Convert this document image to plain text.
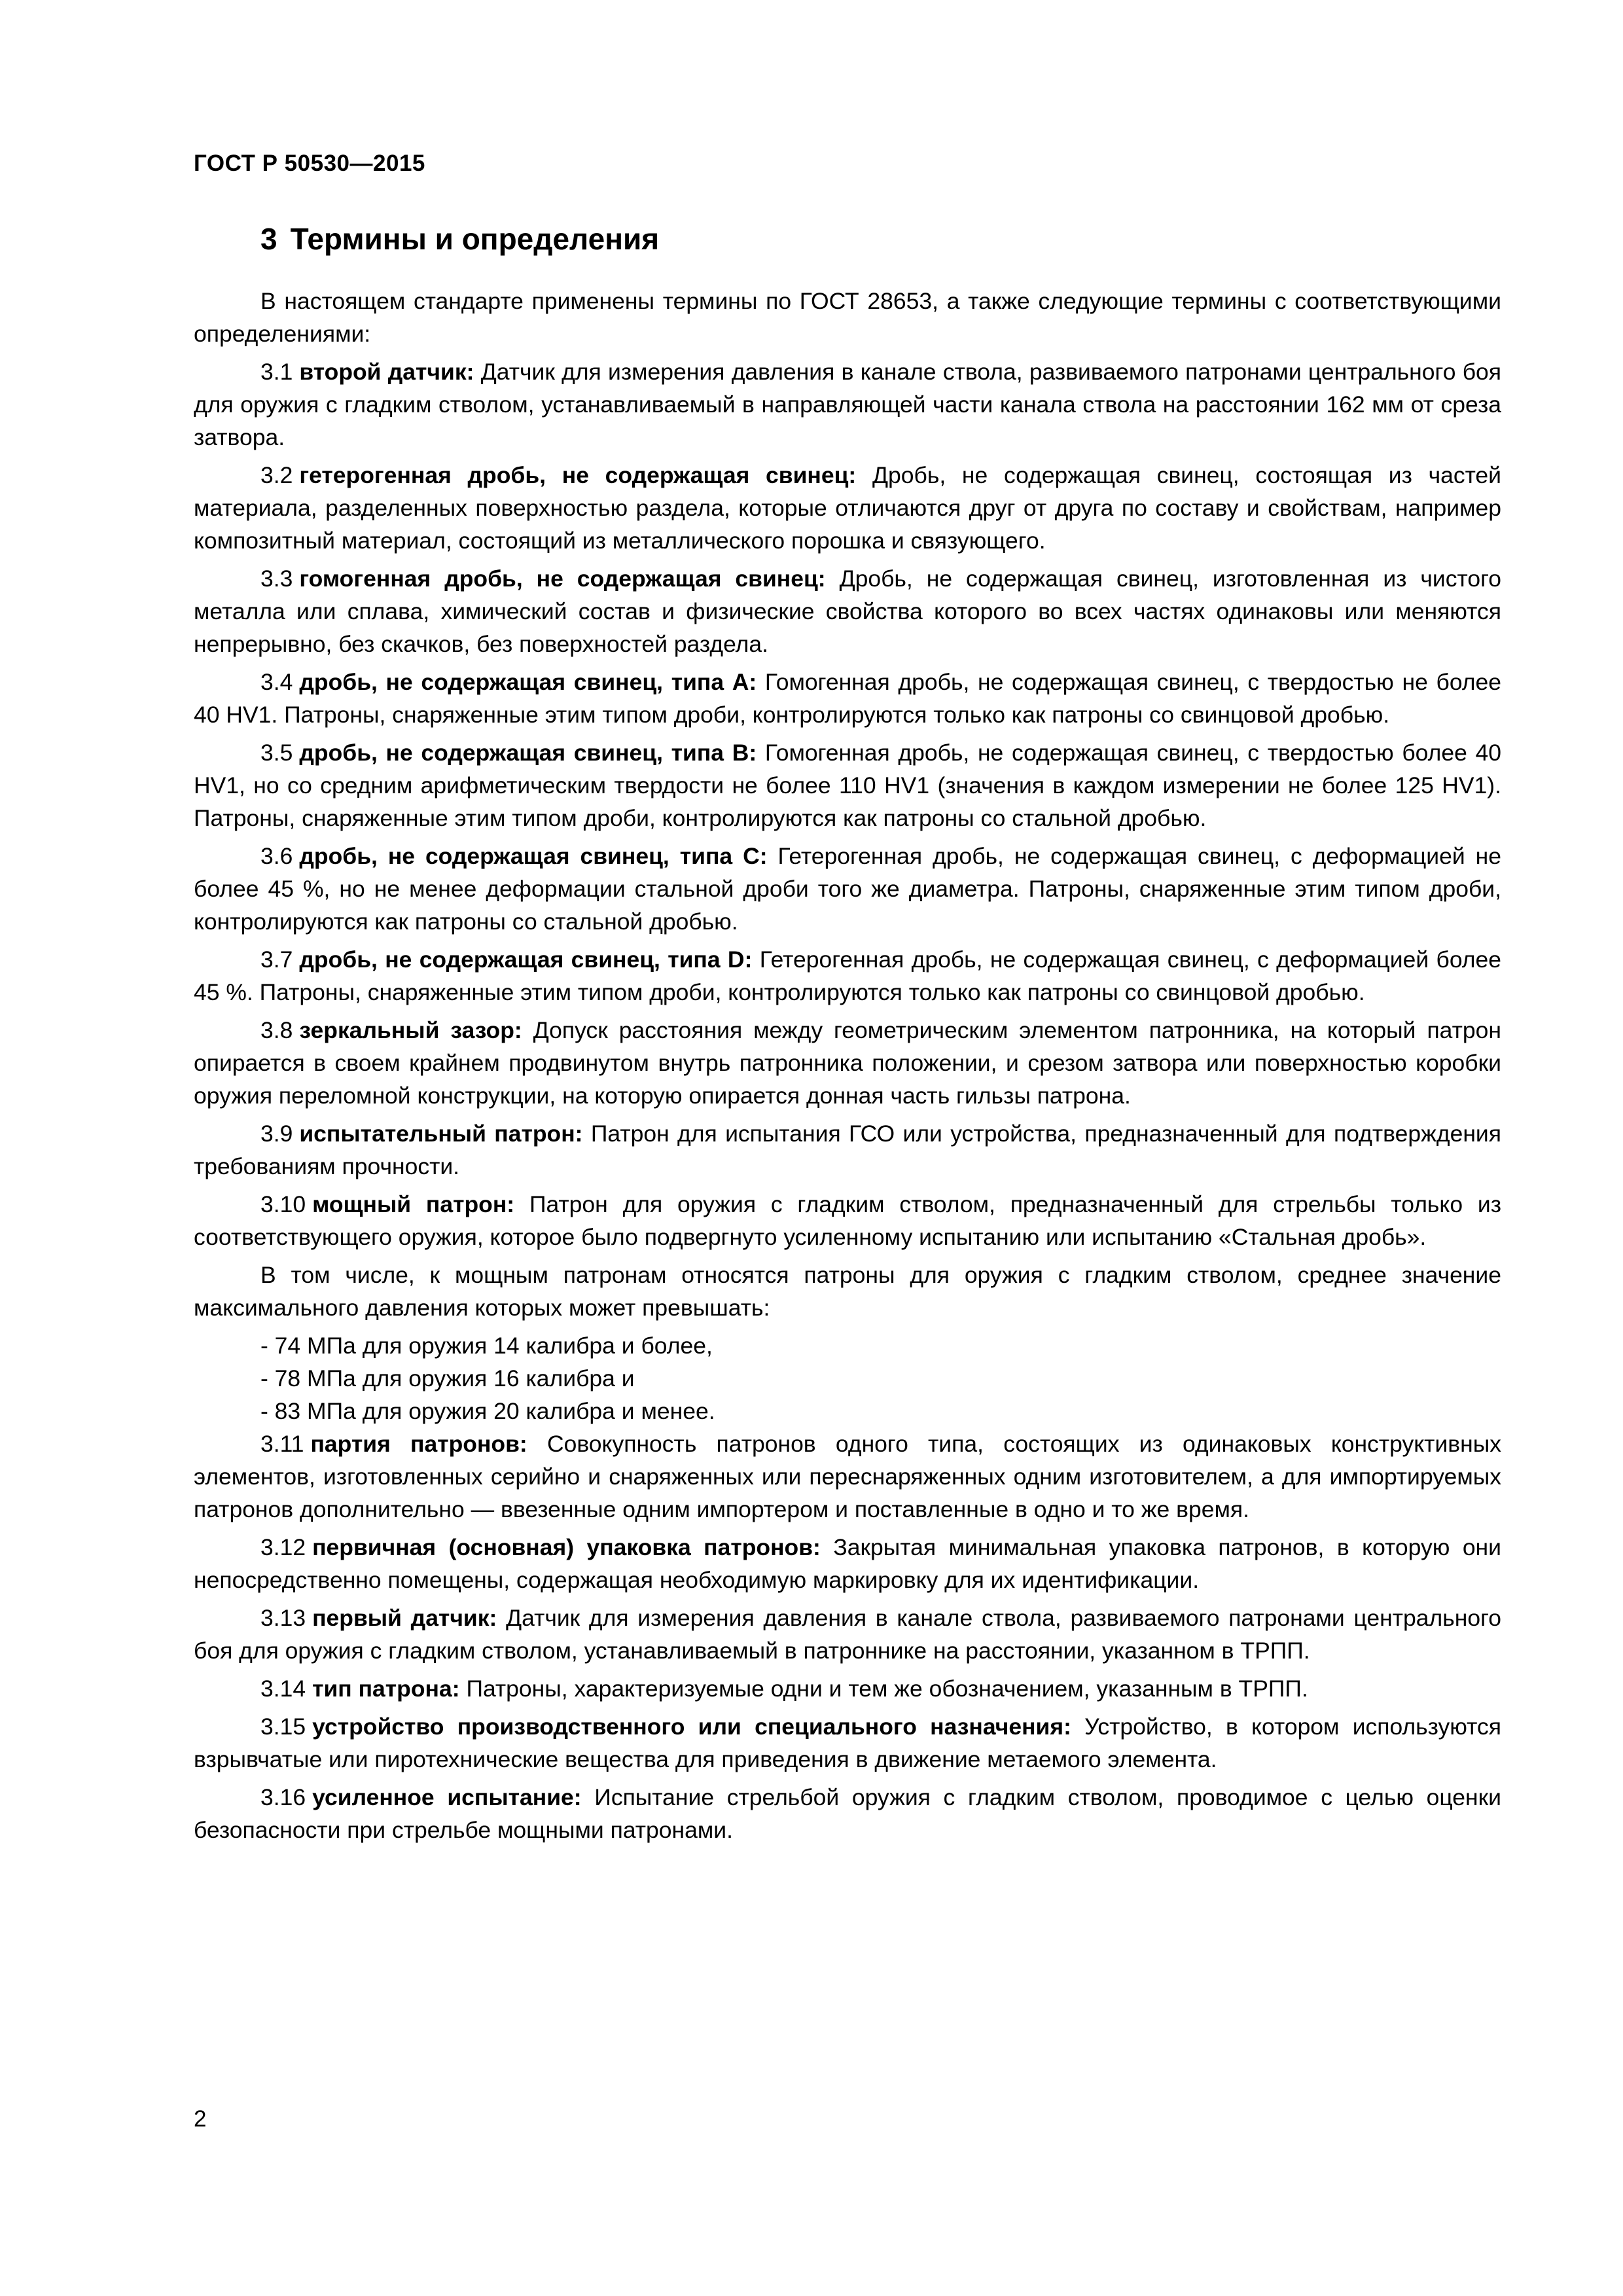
ГОСТ Р 50530—2015

3 Термины и определения

В настоящем стандарте применены термины по ГОСТ 28653, а также следующие термины с соответствующими определениями:

3.1 второй датчик: Датчик для измерения давления в канале ствола, развиваемого патронами центрального боя для оружия с гладким стволом, устанавливаемый в направляющей части канала ствола на расстоянии 162 мм от среза затвора.

3.2 гетерогенная дробь, не содержащая свинец: Дробь, не содержащая свинец, состоящая из частей материала, разделенных поверхностью раздела, которые отличаются друг от друга по составу и свойствам, например композитный материал, состоящий из металлического порошка и связующего.

3.3 гомогенная дробь, не содержащая свинец: Дробь, не содержащая свинец, изготовленная из чистого металла или сплава, химический состав и физические свойства которого во всех частях одинаковы или меняются непрерывно, без скачков, без поверхностей раздела.

3.4 дробь, не содержащая свинец, типа А: Гомогенная дробь, не содержащая свинец, с твердостью не более 40 HV1. Патроны, снаряженные этим типом дроби, контролируются только как патроны со свинцовой дробью.

3.5 дробь, не содержащая свинец, типа В: Гомогенная дробь, не содержащая свинец, с твердостью более 40 HV1, но со средним арифметическим твердости не более 110 HV1 (значения в каждом измерении не более 125 HV1). Патроны, снаряженные этим типом дроби, контролируются как патроны со стальной дробью.

3.6 дробь, не содержащая свинец, типа С: Гетерогенная дробь, не содержащая свинец, с деформацией не более 45 %, но не менее деформации стальной дроби того же диаметра. Патроны, снаряженные этим типом дроби, контролируются как патроны со стальной дробью.

3.7 дробь, не содержащая свинец, типа D: Гетерогенная дробь, не содержащая свинец, с деформацией более 45 %. Патроны, снаряженные этим типом дроби, контролируются только как патроны со свинцовой дробью.

3.8 зеркальный зазор: Допуск расстояния между геометрическим элементом патронника, на который патрон опирается в своем крайнем продвинутом внутрь патронника положении, и срезом затвора или поверхностью коробки оружия переломной конструкции, на которую опирается донная часть гильзы патрона.

3.9 испытательный патрон: Патрон для испытания ГСО или устройства, предназначенный для подтверждения требованиям прочности.

3.10 мощный патрон: Патрон для оружия с гладким стволом, предназначенный для стрельбы только из соответствующего оружия, которое было подвергнуто усиленному испытанию или испытанию «Стальная дробь».

В том числе, к мощным патронам относятся патроны для оружия с гладким стволом, среднее значение максимального давления которых может превышать:

- 74 МПа для оружия 14 калибра и более,

- 78 МПа для оружия 16 калибра и

- 83 МПа для оружия 20 калибра и менее.

3.11 партия патронов: Совокупность патронов одного типа, состоящих из одинаковых конструктивных элементов, изготовленных серийно и снаряженных или переснаряженных одним изготовителем, а для импортируемых патронов дополнительно — ввезенные одним импортером и поставленные в одно и то же время.

3.12 первичная (основная) упаковка патронов: Закрытая минимальная упаковка патронов, в которую они непосредственно помещены, содержащая необходимую маркировку для их идентификации.

3.13 первый датчик: Датчик для измерения давления в канале ствола, развиваемого патронами центрального боя для оружия с гладким стволом, устанавливаемый в патроннике на расстоянии, указанном в ТРПП.

3.14 тип патрона: Патроны, характеризуемые одни и тем же обозначением, указанным в ТРПП.

3.15 устройство производственного или специального назначения: Устройство, в котором используются взрывчатые или пиротехнические вещества для приведения в движение метаемого элемента.

3.16 усиленное испытание: Испытание стрельбой оружия с гладким стволом, проводимое с целью оценки безопасности при стрельбе мощными патронами.

2
